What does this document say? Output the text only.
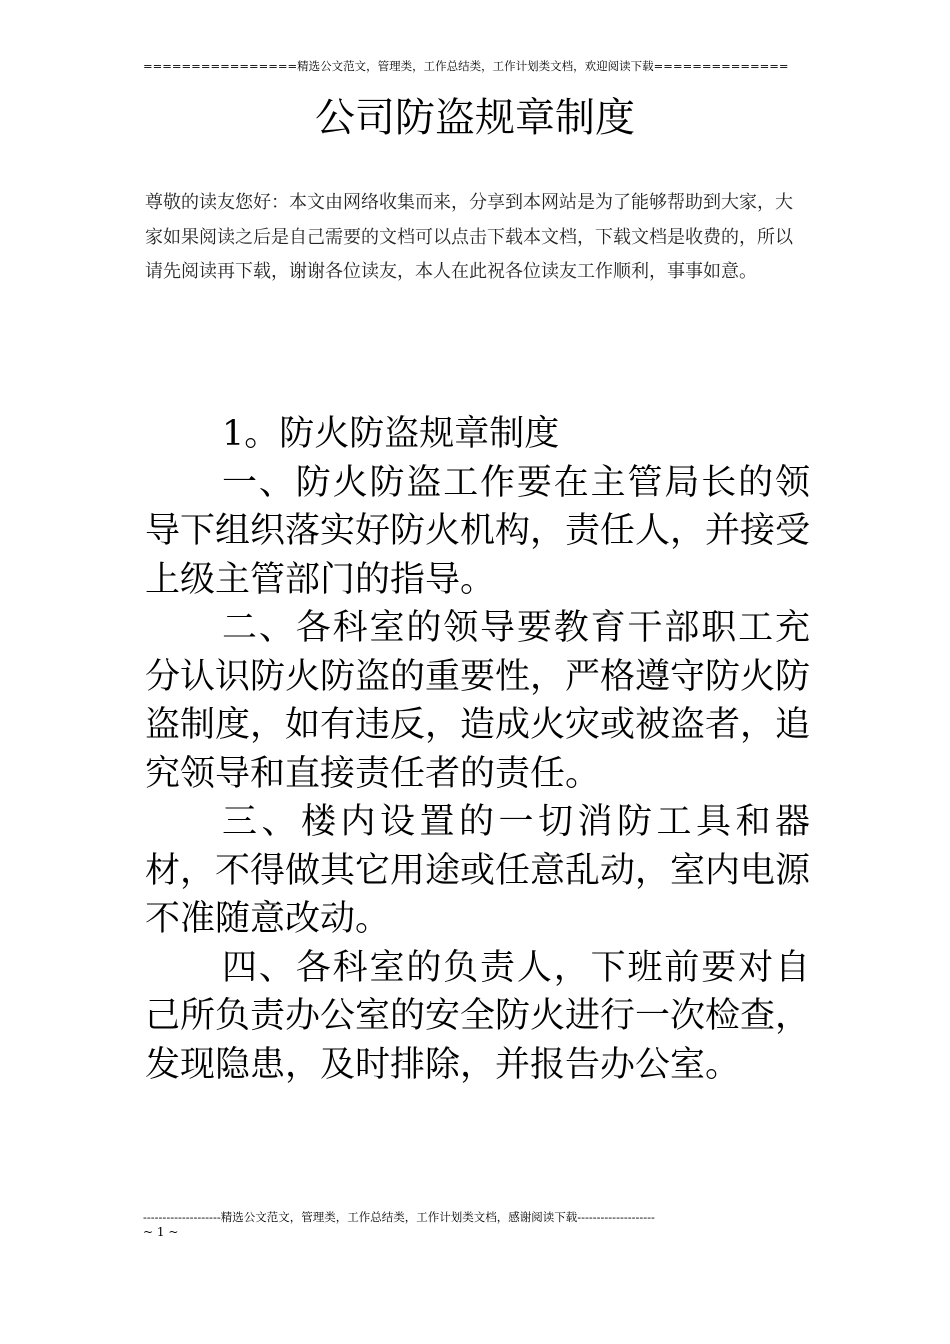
================精选公文范文，管理类，工作总结类，工作计划类文档，欢迎阅读下载==============
公司防盗规章制度
尊敬的读友您好：本文由网络收集而来，分享到本网站是为了能够帮助到大家，大家如果阅读之后是自己需要的文档可以点击下载本文档，下载文档是收费的，所以请先阅读再下载，谢谢各位读友，本人在此祝各位读友工作顺利，事事如意。

1。防火防盗规章制度

一、防火防盗工作要在主管局长的领导下组织落实好防火机构，责任人，并接受上级主管部门的指导。

二、各科室的领导要教育干部职工充分认识防火防盗的重要性，严格遵守防火防盗制度，如有违反，造成火灾或被盗者，追究领导和直接责任者的责任。

三、楼内设置的一切消防工具和器材，不得做其它用途或任意乱动，室内电源不准随意改动。

四、各科室的负责人，下班前要对自己所负责办公室的安全防火进行一次检查，发现隐患，及时排除，并报告办公室。

--------------------精选公文范文，管理类，工作总结类，工作计划类文档，感谢阅读下载--------------------
~ 1 ~
